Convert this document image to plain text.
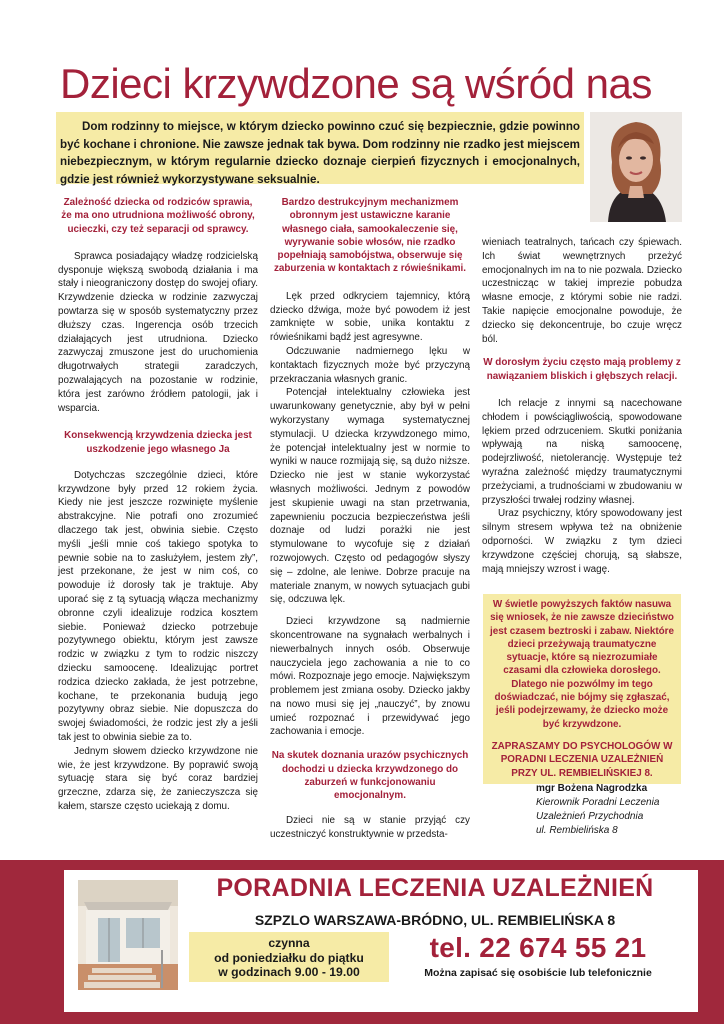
Dzieci krzywdzone są wśród nas

Dom rodzinny to miejsce, w którym dziecko powinno czuć się bezpiecznie, gdzie powinno być kochane i chronione. Nie zawsze jednak tak bywa. Dom rodzinny nie rzadko jest miejscem niebezpiecznym, w którym regularnie dziecko doznaje cierpień fizycznych i emocjonalnych, gdzie jest również wykorzystywane seksualnie.

Zależność dziecka od rodziców sprawia, że ma ono utrudniona możliwość obrony, ucieczki, czy też separacji od sprawcy.

Sprawca posiadający władzę rodzicielską dysponuje większą swobodą działania i ma stały i nieograniczony dostęp do swojej ofiary. Krzywdzenie dziecka w rodzinie zazwyczaj powtarza się w sposób systematyczny przez dłuższy czas. Ingerencja osób trzecich działających jest utrudniona. Dziecko zazwyczaj zmuszone jest do uruchomienia długotrwałych strategii zaradczych, pozwalających na pozostanie w rodzinie, która jest zarówno źródłem patologii, jak i wsparcia.

Konsekwencją krzywdzenia dziecka jest uszkodzenie jego własnego Ja

Dotychczas szczególnie dzieci, które krzywdzone były przed 12 rokiem życia. Kiedy nie jest jeszcze rozwinięte myślenie abstrakcyjne. Nie potrafi ono zrozumieć dlaczego tak jest, obwinia siebie. Często myśli „jeśli mnie coś takiego spotyka to pewnie sobie na to zasłużyłem, jestem zły”, jest przekonane, że jest w nim coś, co powoduje iż dorosły tak je traktuje. Aby uporać się z tą sytuacją włącza mechanizmy obronne czyli idealizuje rodzica kosztem siebie. Ponieważ dziecko potrzebuje pozytywnego obiektu, którym jest zawsze rodzic w związku z tym to rodzic niszczy dziecku samoocenę. Idealizując portret rodzica dziecko zakłada, że jest potrzebne, kochane, te przekonania budują jego pozytywny obraz siebie. Nie dopuszcza do swojej świadomości, że rodzic jest zły a jeśli tak jest to obwinia siebie za to.

Jednym słowem dziecko krzywdzone nie wie, że jest krzywdzone. By poprawić swoją sytuację stara się być coraz bardziej grzeczne, zdarza się, że zanieczyszcza się kałem, starsze często uciekają z domu.

Bardzo destrukcyjnym mechanizmem obronnym jest ustawiczne karanie własnego ciała, samookaleczenie się, wyrywanie sobie włosów, nie rzadko popełniają samobójstwa, obserwuje się zaburzenia w kontaktach z rówieśnikami.

Lęk przed odkryciem tajemnicy, którą dziecko dźwiga, może być powodem iż jest zamknięte w sobie, unika kontaktu z rówieśnikami bądź jest agresywne.

Odczuwanie nadmiernego lęku w kontaktach fizycznych może być przyczyną przekraczania własnych granic.

Potencjał intelektualny człowieka jest uwarunkowany genetycznie, aby był w pełni wykorzystany wymaga systematycznej stymulacji. U dziecka krzywdzonego mimo, że potencjał intelektualny jest w normie to wyniki w nauce rozmijają się, są dużo niższe. Dziecko nie jest w stanie wykorzystać własnych możliwości. Jednym z powodów jest skupienie uwagi na stan przetrwania, zapewnieniu poczucia bezpieczeństwa jeśli doznaje od ludzi porażki nie jest stymulowane to wycofuje się z działań rozwojowych. Często od pedagogów słyszy się – zdolne, ale leniwe. Dobrze pracuje na materiale znanym, w nowych sytuacjach gubi się, odczuwa lęk.

Dzieci krzywdzone są nadmiernie skoncentrowane na sygnałach werbalnych i niewerbalnych innych osób. Obserwuje nauczyciela jego zachowania a nie to co mówi. Rozpoznaje jego emocje. Największym problemem jest zmiana osoby. Dziecko jakby na nowo musi się jej „nauczyć”, by znowu umieć rozpoznać i przewidywać jego zachowania i emocje.

Na skutek doznania urazów psychicznych dochodzi u dziecka krzywdzonego do zaburzeń w funkcjonowaniu emocjonalnym.

Dzieci nie są w stanie przyjąć czy uczestniczyć konstruktywnie w przedsta-

wieniach teatralnych, tańcach czy śpiewach. Ich świat wewnętrznych przeżyć emocjonalnych im na to nie pozwala. Dziecko uczestnicząc w takiej imprezie pobudza własne emocje, z którymi sobie nie radzi. Takie napięcie emocjonalne powoduje, że dziecko się dekoncentruje, bo czuje wręcz ból.

W dorosłym życiu często mają problemy z nawiązaniem bliskich i głębszych relacji.

Ich relacje z innymi są nacechowane chłodem i powściągliwością, spowodowane lękiem przed odrzuceniem. Skutki poniżania wpływają na niską samoocenę, podejrzliwość, nietolerancję. Występuje też wyraźna zależność między traumatycznymi przeżyciami, a trudnościami w zbudowaniu w przyszłości trwałej rodziny własnej.

Uraz psychiczny, który spowodowany jest silnym stresem wpływa też na obniżenie odporności. W związku z tym dzieci krzywdzone częściej chorują, są słabsze, mają mniejszy wzrost i wagę.

W świetle powyższych faktów nasuwa się wniosek, że nie zawsze dzieciństwo jest czasem beztroski i zabaw. Niektóre dzieci przeżywają traumatyczne sytuacje, które są niezrozumiałe czasami dla człowieka dorosłego. Dlatego nie pozwólmy im tego doświadczać, nie bójmy się zgłaszać, jeśli podejrzewamy, że dziecko może być krzywdzone.

ZAPRASZAMY DO PSYCHOLOGÓW W PORADNI LECZENIA UZALEŻNIEŃ PRZY UL. REMBIELIŃSKIEJ 8.

mgr Bożena Nagrodzka
Kierownik Poradni Leczenia
Uzależnień Przychodnia
ul. Rembielińska 8
PORADNIA LECZENIA UZALEŻNIEŃ
SZPZLO WARSZAWA-BRÓDNO, UL. REMBIELIŃSKA 8
czynna
od poniedziałku do piątku
w godzinach 9.00 - 19.00
tel. 22 674 55 21
Można zapisać się osobiście lub telefonicznie
